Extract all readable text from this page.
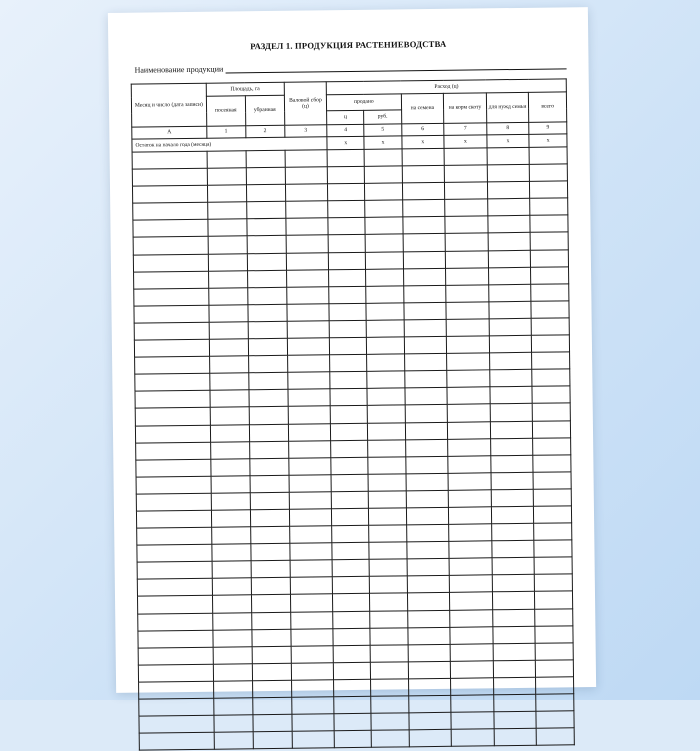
РАЗДЕЛ 1. ПРОДУКЦИЯ РАСТЕНИЕВОДСТВА
Наименование продукции
Месяц и число (дата записи)	Площадь, га		Валовой сбор (ц)	Расход (ц)					
	посеяная	убранная		продано		на семена	на корм скоту	для нужд семьи	всего
				ц	руб.				
А	1	2	3	4	5	6	7	8	9
Остаток на начало года (месяца)				х	х	х	х	х	х
